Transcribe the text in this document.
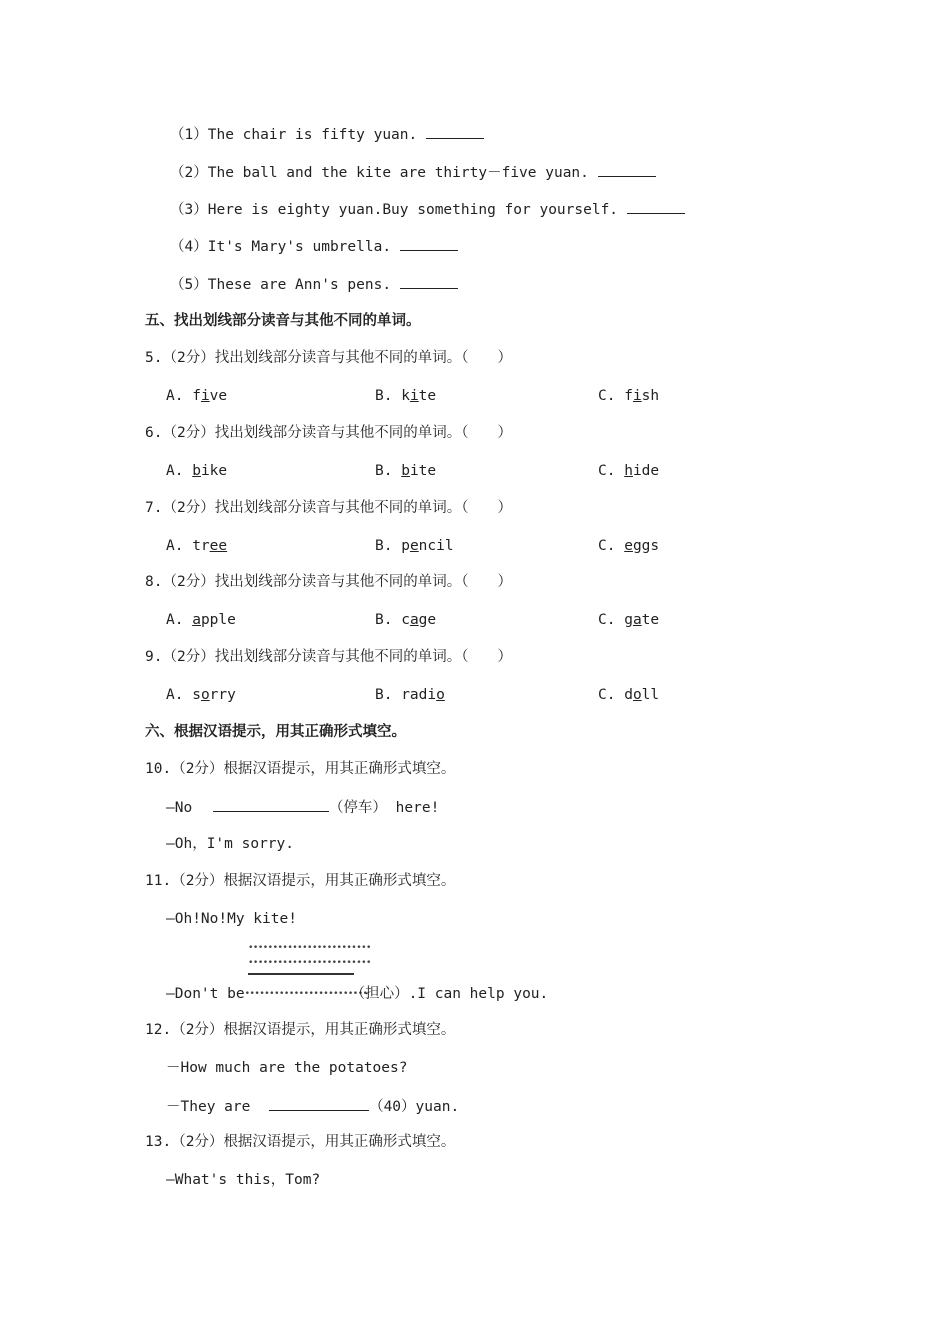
（1）The chair is fifty yuan.
（2）The ball and the kite are thirty－five yuan.
（3）Here is eighty yuan.Buy something for yourself.
（4）It's Mary's umbrella.
（5）These are Ann's pens.
五、找出划线部分读音与其他不同的单词。
5.（2分）找出划线部分读音与其他不同的单词。（　　）
A. five	B. kite	C. fish
6.（2分）找出划线部分读音与其他不同的单词。（　　）
A. bike	B. bite	C. hide
7.（2分）找出划线部分读音与其他不同的单词。（　　）
A. tree	B. pencil	C. eggs
8.（2分）找出划线部分读音与其他不同的单词。（　　）
A. apple	B. cage	C. gate
9.（2分）找出划线部分读音与其他不同的单词。（　　）
A. sorry	B. radio	C. doll
六、根据汉语提示，用其正确形式填空。
10.（2分）根据汉语提示，用其正确形式填空。
—No	（停车） here!
—Oh，I'm sorry.
11.（2分）根据汉语提示，用其正确形式填空。
—Oh!No!My kite!
•••••••••••••••••••••••••
•••••••••••••••••••••••••
—Don't be•••••••••••••••••••••••••（担心）.I can help you.
12.（2分）根据汉语提示，用其正确形式填空。
－How much are the potatoes?
－They are	（40）yuan.
13.（2分）根据汉语提示，用其正确形式填空。
—What's this，Tom?
